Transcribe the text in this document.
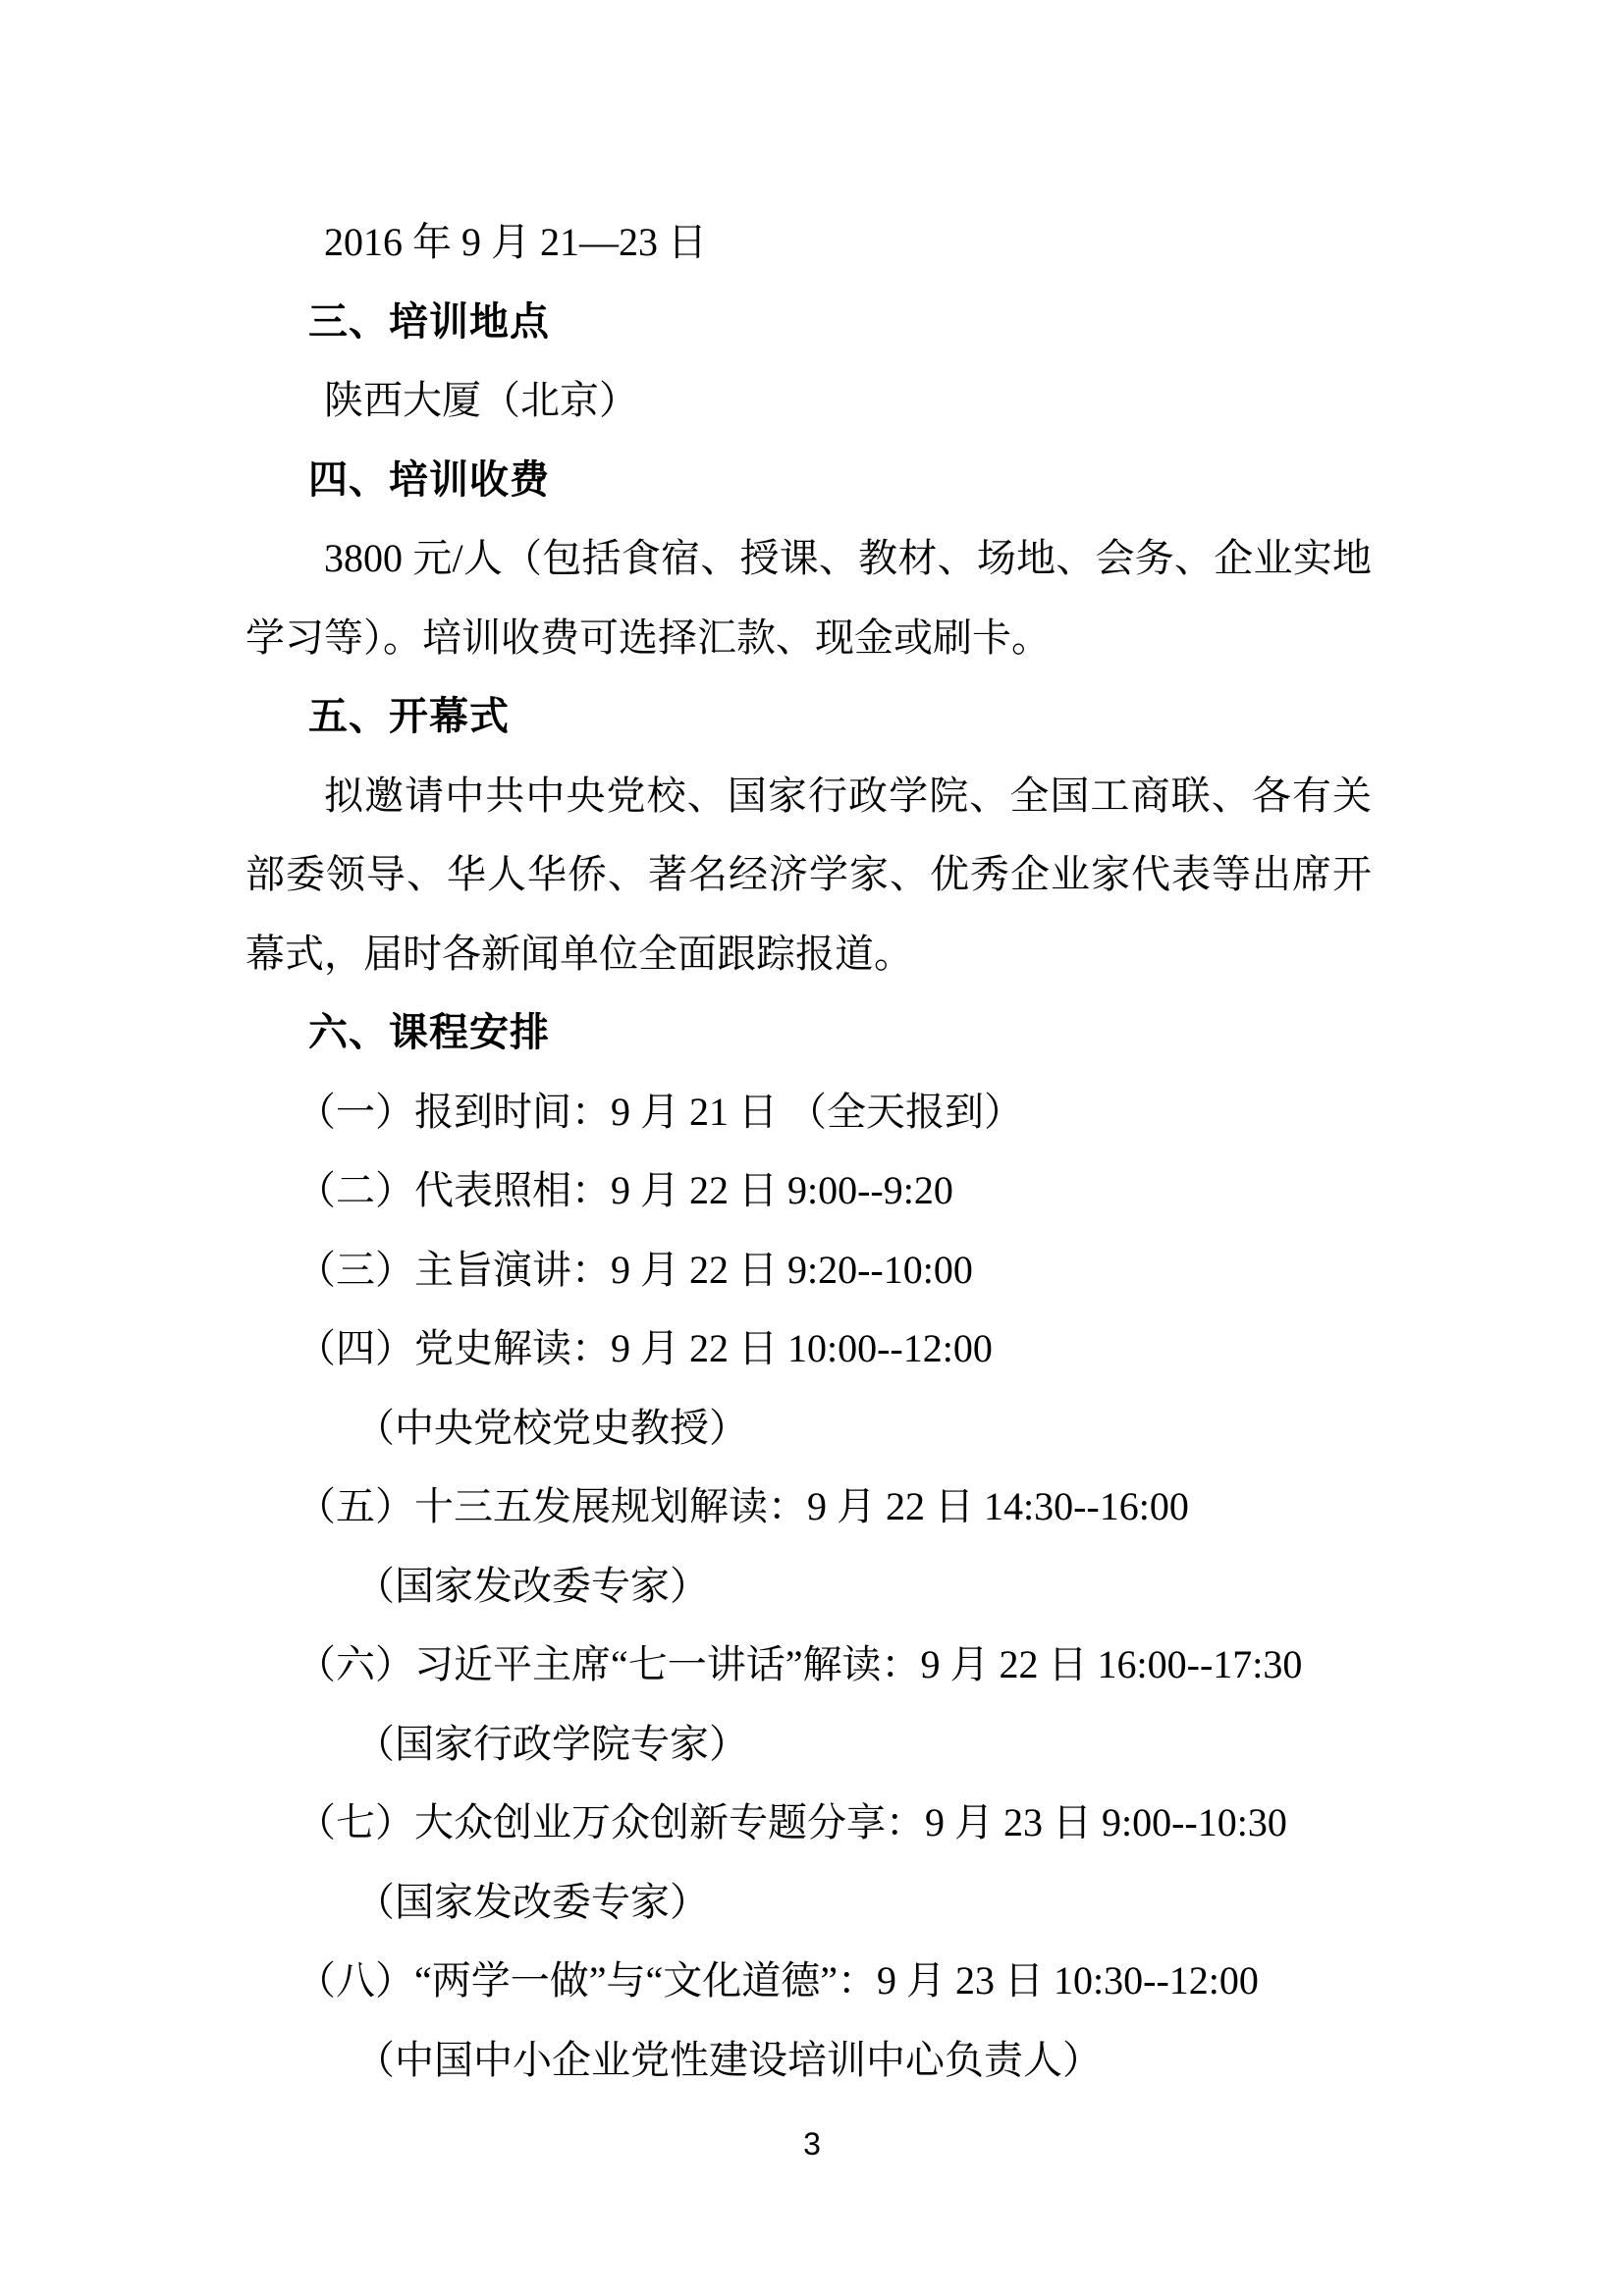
2016 年 9 月 21—23 日

三、培训地点

陕西大厦（北京）

四、培训收费

3800 元/人（包括食宿、授课、教材、场地、会务、企业实地学习等）。培训收费可选择汇款、现金或刷卡。

五、开幕式

拟邀请中共中央党校、国家行政学院、全国工商联、各有关部委领导、华人华侨、著名经济学家、优秀企业家代表等出席开幕式，届时各新闻单位全面跟踪报道。

六、课程安排

（一）报到时间：9 月 21 日 （全天报到）

（二）代表照相：9 月 22 日 9:00--9:20

（三）主旨演讲：9 月 22 日 9:20--10:00

（四）党史解读：9 月 22 日 10:00--12:00

（中央党校党史教授）

（五）十三五发展规划解读：9 月 22 日 14:30--16:00

（国家发改委专家）

（六）习近平主席“七一讲话”解读：9 月 22 日 16:00--17:30

（国家行政学院专家）

（七）大众创业万众创新专题分享：9 月 23 日 9:00--10:30

（国家发改委专家）

（八）“两学一做”与“文化道德”：9 月 23 日 10:30--12:00

（中国中小企业党性建设培训中心负责人）

3
